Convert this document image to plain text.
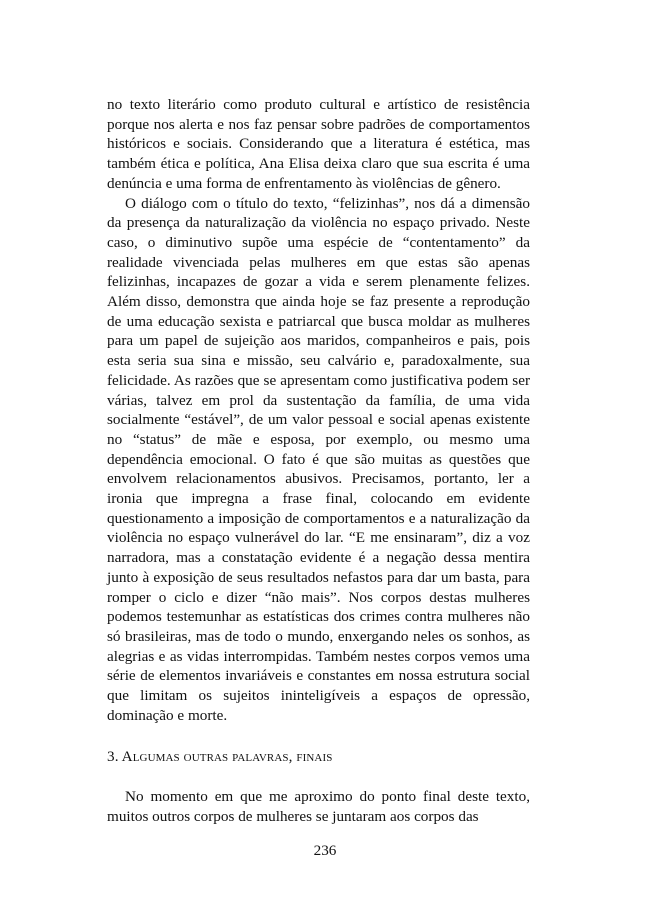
no texto literário como produto cultural e artístico de resistência porque nos alerta e nos faz pensar sobre padrões de comportamentos históricos e sociais. Considerando que a literatura é estética, mas também ética e política, Ana Elisa deixa claro que sua escrita é uma denúncia e uma forma de enfrentamento às violências de gênero.

O diálogo com o título do texto, “felizinhas”, nos dá a dimensão da presença da naturalização da violência no espaço privado. Neste caso, o diminutivo supõe uma espécie de “contentamento” da realidade vivenciada pelas mulheres em que estas são apenas felizinhas, incapazes de gozar a vida e serem plenamente felizes. Além disso, demonstra que ainda hoje se faz presente a reprodução de uma educação sexista e patriarcal que busca moldar as mulheres para um papel de sujeição aos maridos, companheiros e pais, pois esta seria sua sina e missão, seu calvário e, paradoxalmente, sua felicidade. As razões que se apresentam como justificativa podem ser várias, talvez em prol da sustentação da família, de uma vida socialmente “estável”, de um valor pessoal e social apenas existente no “status” de mãe e esposa, por exemplo, ou mesmo uma dependência emocional. O fato é que são muitas as questões que envolvem relacionamentos abusivos. Precisamos, portanto, ler a ironia que impregna a frase final, colocando em evidente questionamento a imposição de comportamentos e a naturalização da violência no espaço vulnerável do lar. “E me ensinaram”, diz a voz narradora, mas a constatação evidente é a negação dessa mentira junto à exposição de seus resultados nefastos para dar um basta, para romper o ciclo e dizer “não mais”. Nos corpos destas mulheres podemos testemunhar as estatísticas dos crimes contra mulheres não só brasileiras, mas de todo o mundo, enxergando neles os sonhos, as alegrias e as vidas interrompidas. Também nestes corpos vemos uma série de elementos invariáveis e constantes em nossa estrutura social que limitam os sujeitos ininteligíveis a espaços de opressão, dominação e morte.

3. Algumas outras palavras, finais

No momento em que me aproximo do ponto final deste texto, muitos outros corpos de mulheres se juntaram aos corpos das

236
